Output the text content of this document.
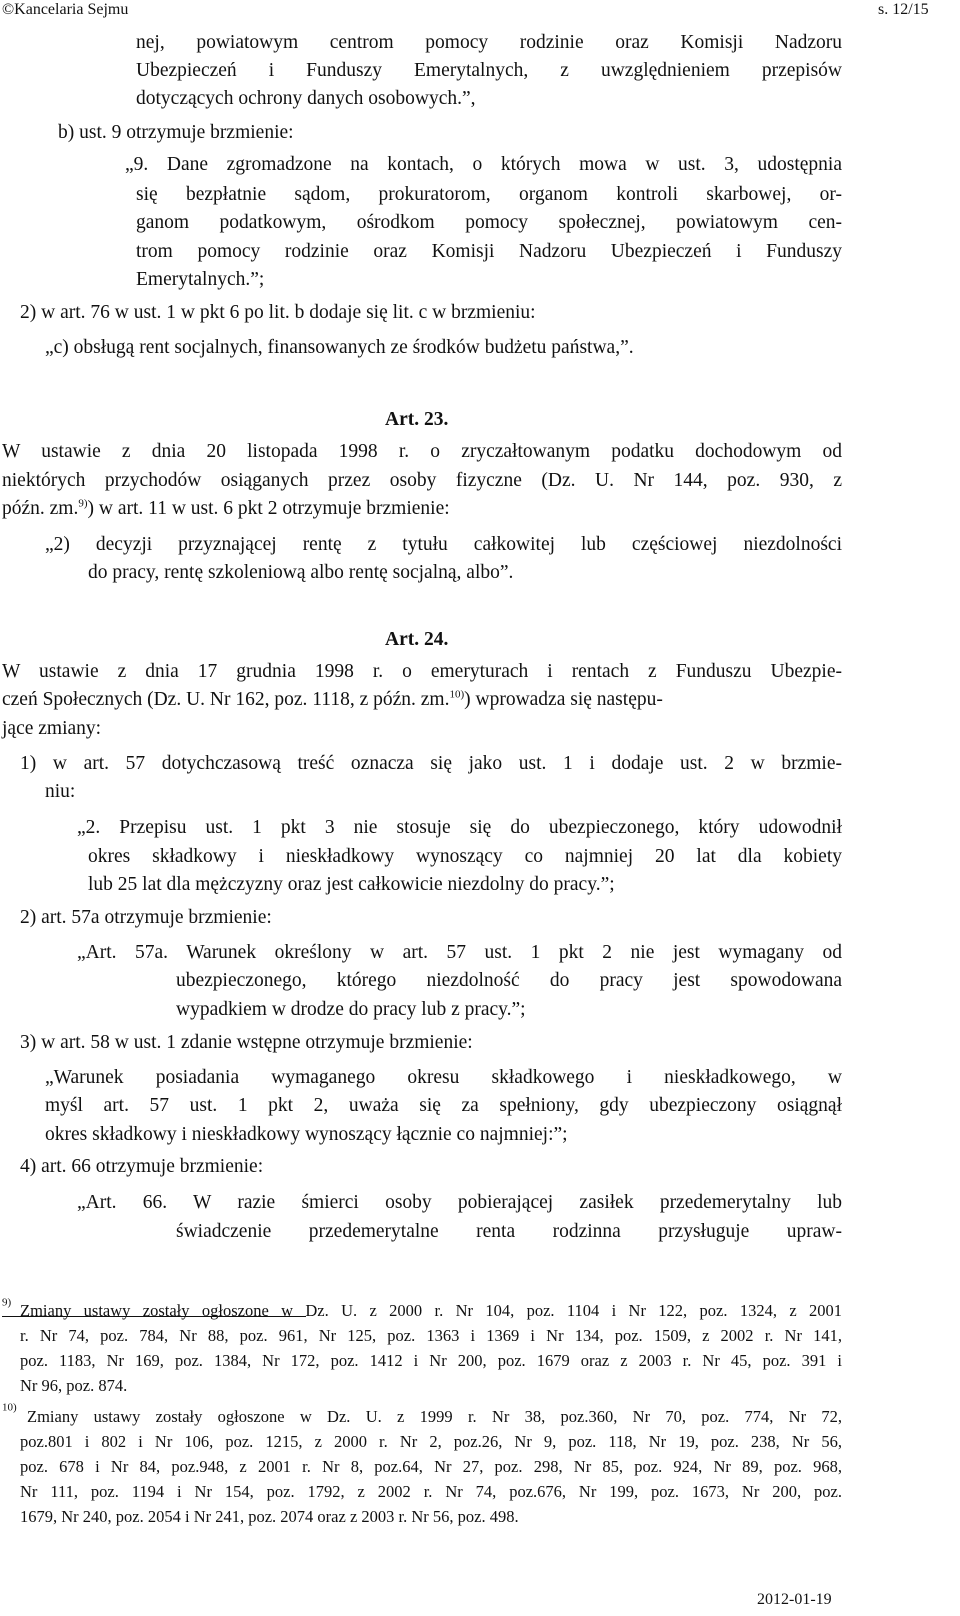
©Kancelaria Sejmu	s. 12/15
nej, powiatowym centrom pomocy rodzinie oraz Komisji Nadzoru
Ubezpieczeń i Funduszy Emerytalnych, z uwzględnieniem przepisów
dotyczących ochrony danych osobowych.”,
b) ust. 9 otrzymuje brzmienie:
„9. Dane zgromadzone na kontach, o których mowa w ust. 3, udostępnia
się bezpłatnie sądom, prokuratorom, organom kontroli skarbowej, or-
ganom podatkowym, ośrodkom pomocy społecznej, powiatowym cen-
trom pomocy rodzinie oraz Komisji Nadzoru Ubezpieczeń i Funduszy
Emerytalnych.”;
2) w art. 76 w ust. 1 w pkt 6 po lit. b dodaje się lit. c w brzmieniu:
„c) obsługą rent socjalnych, finansowanych ze środków budżetu państwa,”.
Art. 23.
W ustawie z dnia 20 listopada 1998 r. o zryczałtowanym podatku dochodowym od
niektórych przychodów osiąganych przez osoby fizyczne (Dz. U. Nr 144, poz. 930, z
późn. zm.$^{9)}$) w art. 11 w ust. 6 pkt 2 otrzymuje brzmienie:
„2) decyzji przyznającej rentę z tytułu całkowitej lub częściowej niezdolności
do pracy, rentę szkoleniową albo rentę socjalną, albo”.
Art. 24.
W ustawie z dnia 17 grudnia 1998 r. o emeryturach i rentach z Funduszu Ubezpie-
czeń Społecznych (Dz. U. Nr 162, poz. 1118, z późn. zm.$^{10)}$) wprowadza się następu-
jące zmiany:
1) w art. 57 dotychczasową treść oznacza się jako ust. 1 i dodaje ust. 2 w brzmie-
niu:
„2. Przepisu ust. 1 pkt 3 nie stosuje się do ubezpieczonego, który udowodnił
okres składkowy i nieskładkowy wynoszący co najmniej 20 lat dla kobiety
lub 25 lat dla mężczyzny oraz jest całkowicie niezdolny do pracy.”;
2) art. 57a otrzymuje brzmienie:
„Art. 57a. Warunek określony w art. 57 ust. 1 pkt 2 nie jest wymagany od
ubezpieczonego, którego niezdolność do pracy jest spowodowana
wypadkiem w drodze do pracy lub z pracy.”;
3) w art. 58 w ust. 1 zdanie wstępne otrzymuje brzmienie:
„Warunek posiadania wymaganego okresu składkowego i nieskładkowego, w
myśl art. 57 ust. 1 pkt 2, uważa się za spełniony, gdy ubezpieczony osiągnął
okres składkowy i nieskładkowy wynoszący łącznie co najmniej:”;
4) art. 66 otrzymuje brzmienie:
„Art. 66. W razie śmierci osoby pobierającej zasiłek przedemerytalny lub
świadczenie przedemerytalne renta rodzinna przysługuje upraw-
$^{9)}$ Zmiany ustawy zostały ogłoszone w Dz. U. z 2000 r. Nr 104, poz. 1104 i Nr 122, poz. 1324, z 2001
r. Nr 74, poz. 784, Nr 88, poz. 961, Nr 125, poz. 1363 i 1369 i Nr 134, poz. 1509, z 2002 r. Nr 141,
poz. 1183, Nr 169, poz. 1384, Nr 172, poz. 1412 i Nr 200, poz. 1679 oraz z 2003 r. Nr 45, poz. 391 i
Nr 96, poz. 874.
$^{10)}$ Zmiany ustawy zostały ogłoszone w Dz. U. z 1999 r. Nr 38, poz.360, Nr 70, poz. 774, Nr 72,
poz.801 i 802 i Nr 106, poz. 1215, z 2000 r. Nr 2, poz.26, Nr 9, poz. 118, Nr 19, poz. 238, Nr 56,
poz. 678 i Nr 84, poz.948, z 2001 r. Nr 8, poz.64, Nr 27, poz. 298, Nr 85, poz. 924, Nr 89, poz. 968,
Nr 111, poz. 1194 i Nr 154, poz. 1792, z 2002 r. Nr 74, poz.676, Nr 199, poz. 1673, Nr 200, poz.
1679, Nr 240, poz. 2054 i Nr 241, poz. 2074 oraz z 2003 r. Nr 56, poz. 498.
2012-01-19
